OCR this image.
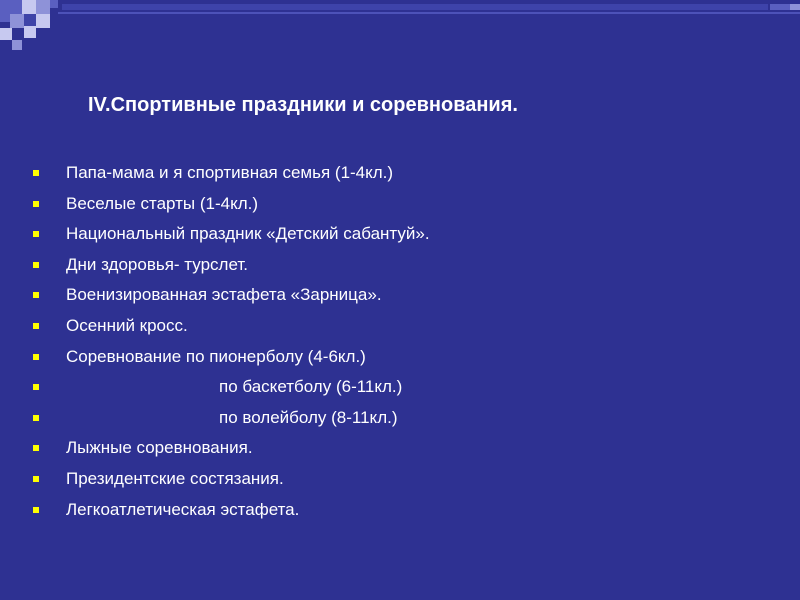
IV.Спортивные праздники и соревнования.
Папа-мама и я спортивная семья (1-4кл.)
Веселые старты (1-4кл.)
Национальный праздник «Детский сабантуй».
Дни здоровья- турслет.
Военизированная эстафета «Зарница».
Осенний кросс.
Соревнование по пионерболу (4-6кл.)
по баскетболу (6-11кл.)
по волейболу (8-11кл.)
Лыжные соревнования.
Президентские состязания.
Легкоатлетическая эстафета.
